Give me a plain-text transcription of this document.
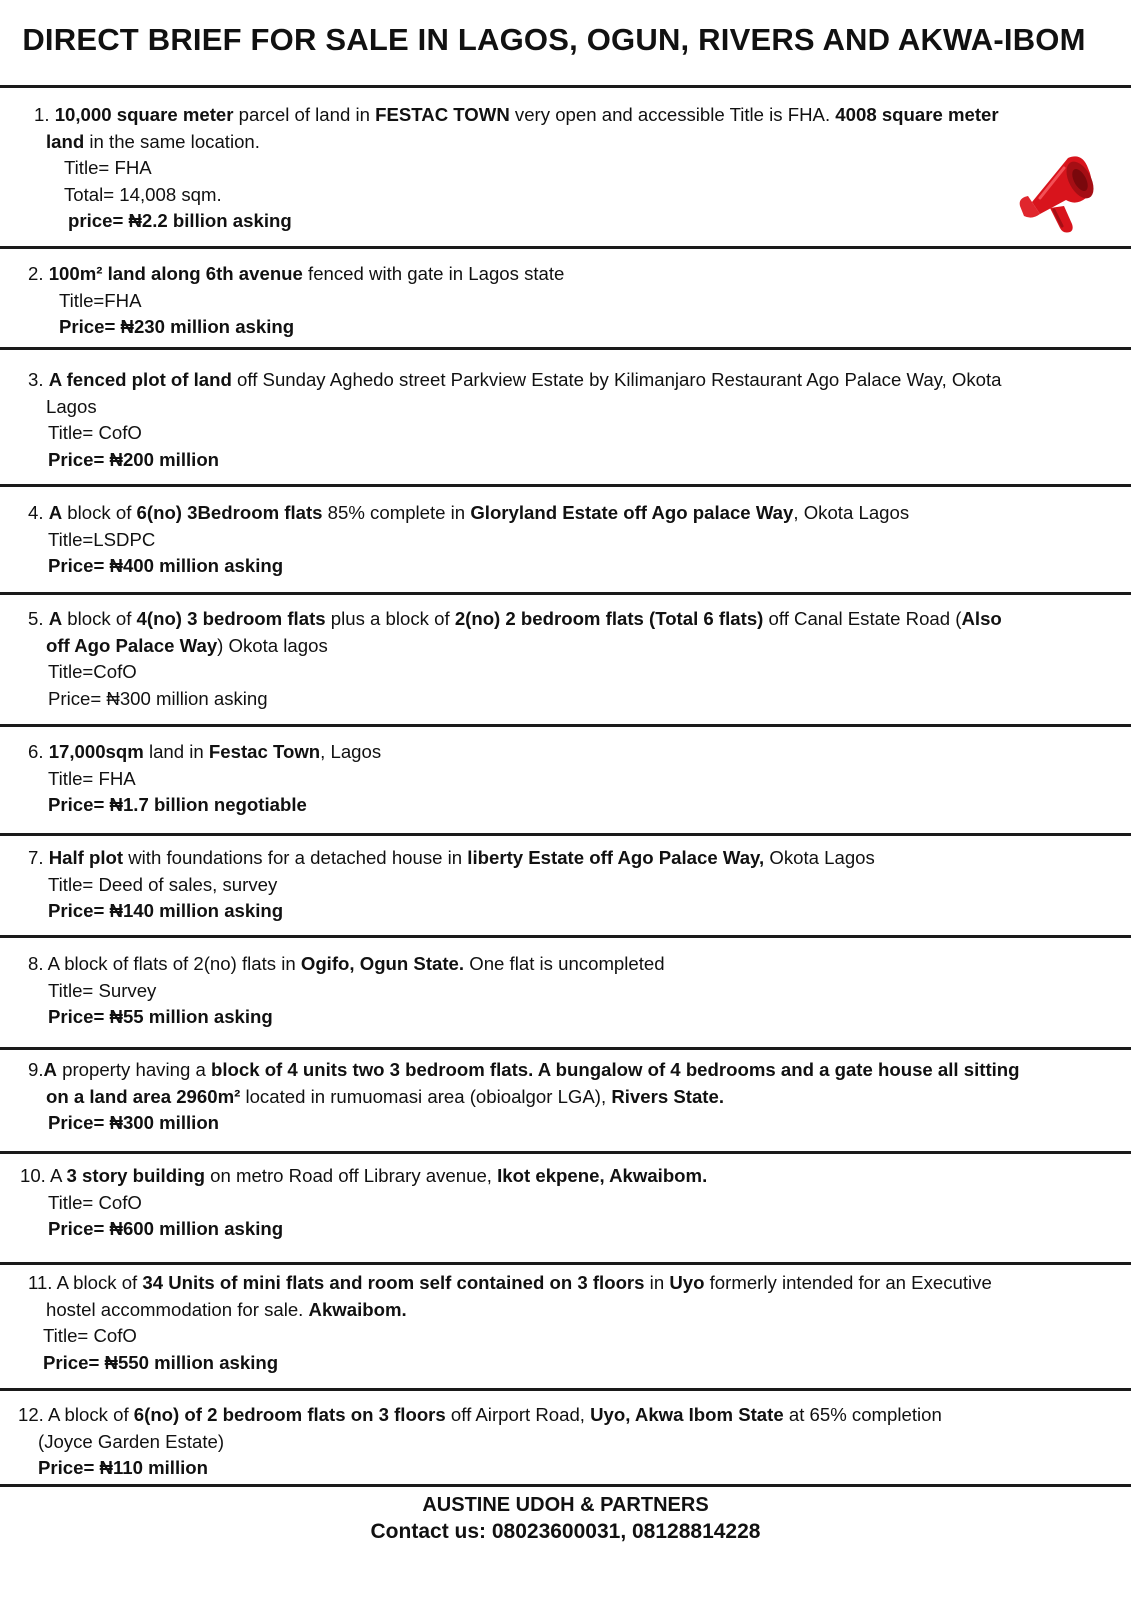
DIRECT BRIEF FOR SALE IN LAGOS, OGUN, RIVERS AND AKWA-IBOM
1. 10,000 square meter parcel of land in FESTAC TOWN very open and accessible Title is FHA. 4008 square meter
land in the same location.
Title= FHA
Total= 14,008 sqm.
price= ₦2.2 billion asking
2. 100m² land along 6th avenue fenced with gate in Lagos state
Title=FHA
Price= ₦230 million asking
3. A fenced plot of land off Sunday Aghedo street Parkview Estate by Kilimanjaro Restaurant Ago Palace Way, Okota
Lagos
Title= CofO
Price= ₦200 million
4. A block of 6(no) 3Bedroom flats 85% complete in Gloryland Estate off Ago palace Way, Okota Lagos
Title=LSDPC
Price= ₦400 million asking
5. A block of 4(no) 3 bedroom flats plus a block of 2(no) 2 bedroom flats (Total 6 flats) off Canal Estate Road (Also
off Ago Palace Way) Okota lagos
Title=CofO
Price= ₦300 million asking
6. 17,000sqm land in Festac Town, Lagos
Title= FHA
Price= ₦1.7 billion negotiable
7. Half plot with foundations for a detached house in liberty Estate off Ago Palace Way, Okota Lagos
Title= Deed of sales, survey
Price= ₦140 million asking
8. A block of flats of 2(no) flats in Ogifo, Ogun State. One flat is uncompleted
Title= Survey
Price= ₦55 million asking
9.A property having a block of 4 units two 3 bedroom flats. A bungalow of 4 bedrooms and a gate house all sitting
on a land area 2960m² located in rumuomasi area (obioalgor LGA), Rivers State.
Price= ₦300 million
10. A 3 story building on metro Road off Library avenue, Ikot ekpene, Akwaibom.
Title= CofO
Price= ₦600 million asking
11. A block of 34 Units of mini flats and room self contained on 3 floors in Uyo formerly intended for an Executive
hostel accommodation for sale. Akwaibom.
Title= CofO
Price= ₦550 million asking
12. A block of 6(no) of 2 bedroom flats on 3 floors off Airport Road, Uyo, Akwa Ibom State at 65% completion
(Joyce Garden Estate)
Price= ₦110 million
AUSTINE UDOH & PARTNERS
Contact us: 08023600031, 08128814228
